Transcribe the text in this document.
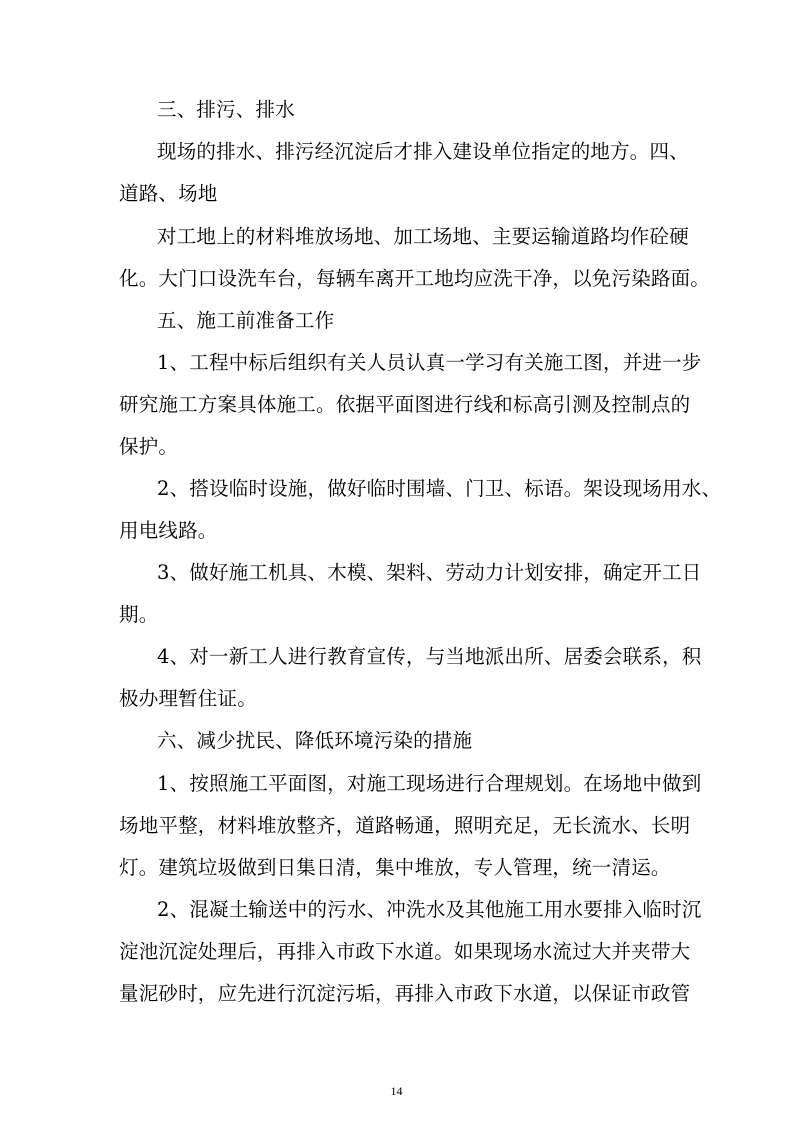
三、排污、排水
现场的排水、排污经沉淀后才排入建设单位指定的地方。四、
道路、场地
对工地上的材料堆放场地、加工场地、主要运输道路均作砼硬
化。大门口设洗车台，每辆车离开工地均应洗干净，以免污染路面。
五、施工前准备工作
1、工程中标后组织有关人员认真一学习有关施工图，并进一步
研究施工方案具体施工。依据平面图进行线和标高引测及控制点的
保护。
2、搭设临时设施，做好临时围墙、门卫、标语。架设现场用水、
用电线路。
3、做好施工机具、木模、架料、劳动力计划安排，确定开工日
期。
4、对一新工人进行教育宣传，与当地派出所、居委会联系，积
极办理暂住证。
六、减少扰民、降低环境污染的措施
1、按照施工平面图，对施工现场进行合理规划。在场地中做到
场地平整，材料堆放整齐，道路畅通，照明充足，无长流水、长明
灯。建筑垃圾做到日集日清，集中堆放，专人管理，统一清运。
2、混凝土输送中的污水、冲洗水及其他施工用水要排入临时沉
淀池沉淀处理后，再排入市政下水道。如果现场水流过大并夹带大
量泥砂时，应先进行沉淀污垢，再排入市政下水道，以保证市政管
14
